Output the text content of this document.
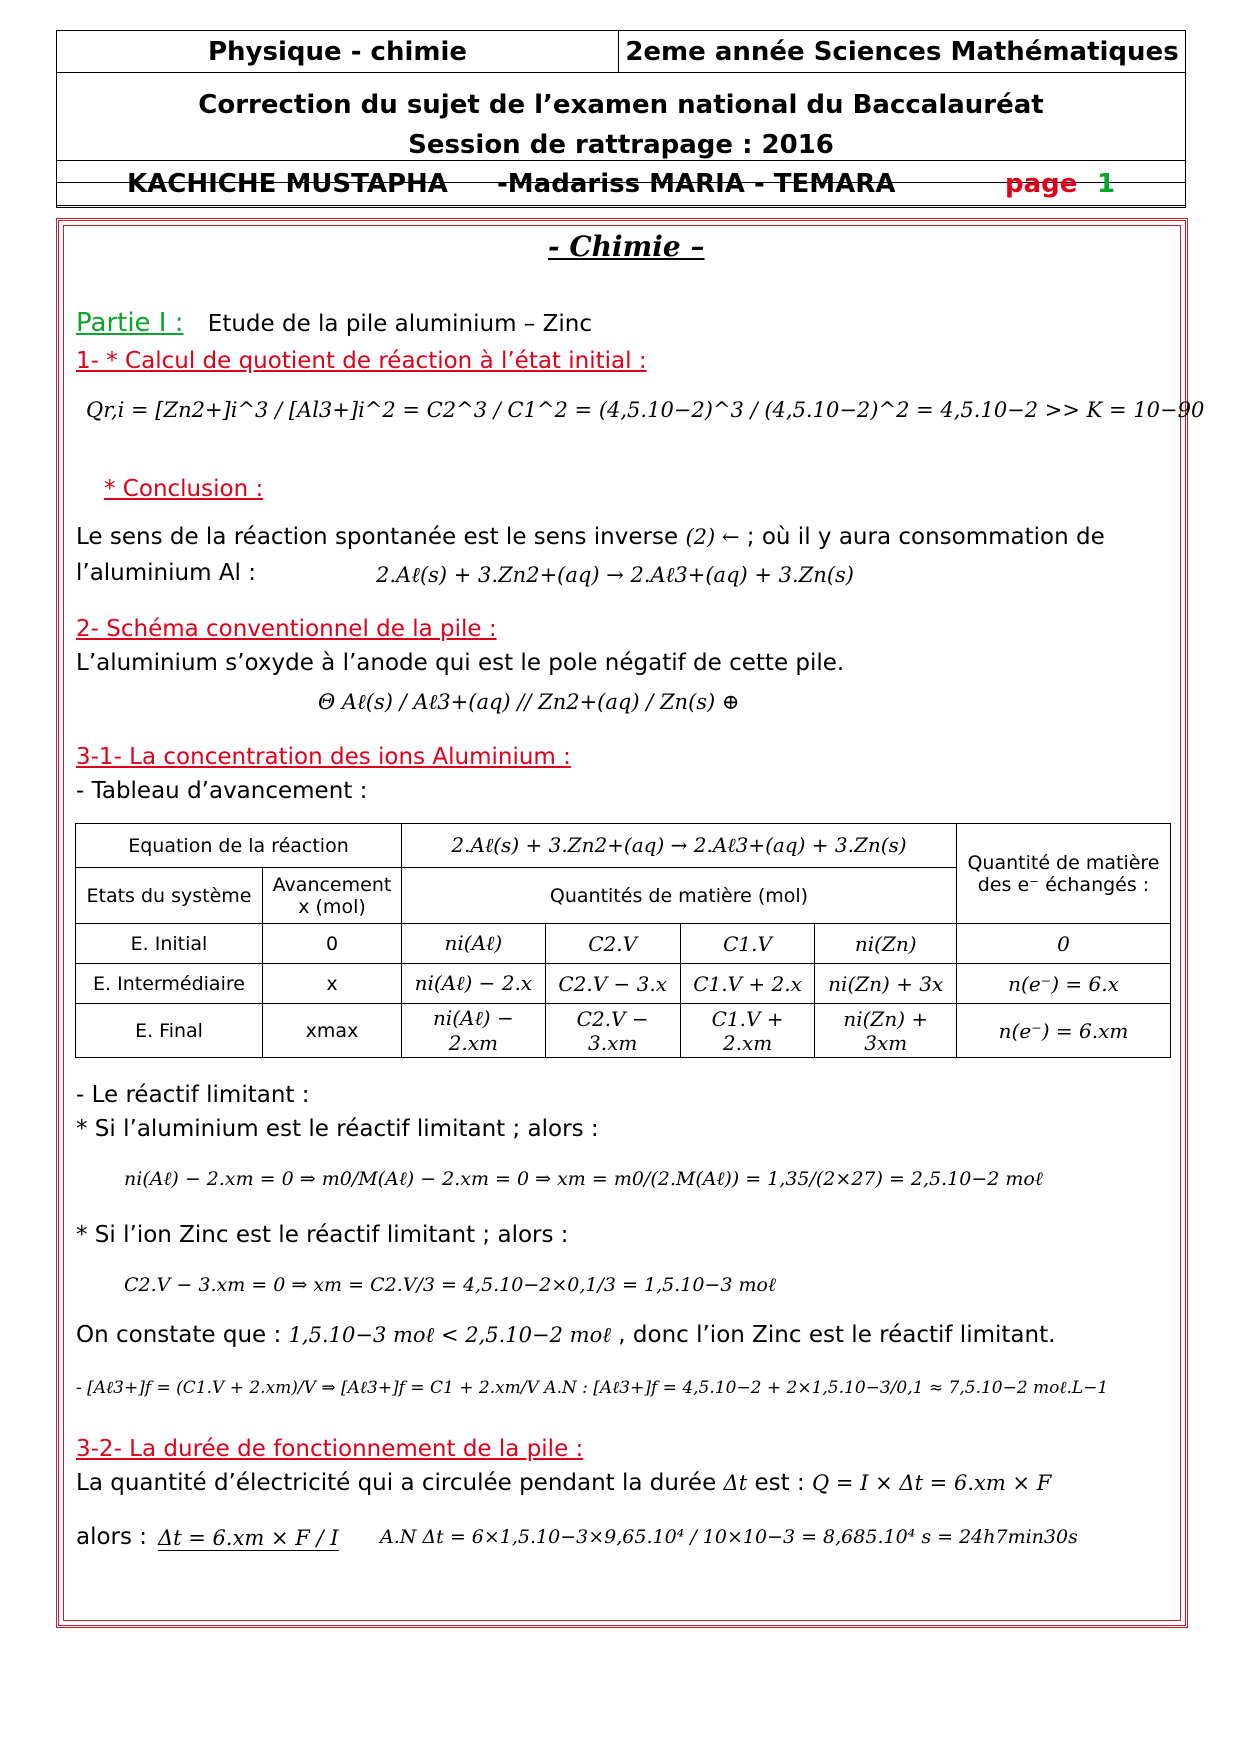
Physique - chimie	2eme année Sciences Mathématiques
Correction du sujet de l’examen national du Baccalauréat
Session de rattrapage : 2016
KACHICHE MUSTAPHA -Madariss MARIA - TEMARA	page 1
- Chimie –
Partie I : Etude de la pile aluminium – Zinc
1- * Calcul de quotient de réaction à l’état initial :
Qr,i = [Zn2+]i^3 / [Al3+]i^2 = C2^3 / C1^2 = (4,5.10−2)^3 / (4,5.10−2)^2 = 4,5.10−2 >> K = 10−90
* Conclusion :
Le sens de la réaction spontanée est le sens inverse (2) ← ; où il y aura consommation de
l’aluminium Al :	2.Aℓ(s) + 3.Zn2+(aq) → 2.Aℓ3+(aq) + 3.Zn(s)
2- Schéma conventionnel de la pile :
L’aluminium s’oxyde à l’anode qui est le pole négatif de cette pile.
Θ Aℓ(s) / Aℓ3+(aq) // Zn2+(aq) / Zn(s) ⊕
3-1- La concentration des ions Aluminium :
- Tableau d’avancement :
Equation de la réaction		2.Aℓ(s) + 3.Zn2+(aq) → 2.Aℓ3+(aq) + 3.Zn(s)				Quantité de matière des e⁻ échangés :
Etats du système	Avancement x (mol)	Quantités de matière (mol)				
E. Initial	0	ni(Aℓ)	C2.V	C1.V	ni(Zn)	0
E. Intermédiaire	x	ni(Aℓ) − 2.x	C2.V − 3.x	C1.V + 2.x	ni(Zn) + 3x	n(e⁻) = 6.x
E. Final	xmax	ni(Aℓ) − 2.xm	C2.V − 3.xm	C1.V + 2.xm	ni(Zn) + 3xm	n(e⁻) = 6.xm
- Le réactif limitant :
* Si l’aluminium est le réactif limitant ; alors :
ni(Aℓ) − 2.xm = 0 ⇒ m0/M(Aℓ) − 2.xm = 0 ⇒ xm = m0/(2.M(Aℓ)) = 1,35/(2×27) = 2,5.10−2 moℓ
* Si l’ion Zinc est le réactif limitant ; alors :
C2.V − 3.xm = 0 ⇒ xm = C2.V/3 = 4,5.10−2×0,1/3 = 1,5.10−3 moℓ
On constate que : 1,5.10−3 moℓ < 2,5.10−2 moℓ , donc l’ion Zinc est le réactif limitant.
- [Aℓ3+]f = (C1.V + 2.xm)/V ⇒ [Aℓ3+]f = C1 + 2.xm/V A.N : [Aℓ3+]f = 4,5.10−2 + 2×1,5.10−3/0,1 ≈ 7,5.10−2 moℓ.L−1
3-2- La durée de fonctionnement de la pile :
La quantité d’électricité qui a circulée pendant la durée Δt est : Q = I × Δt = 6.xm × F
alors : Δt = 6.xm × F / I A.N Δt = 6×1,5.10−3×9,65.10⁴ / 10×10−3 = 8,685.10⁴ s = 24h7min30s
